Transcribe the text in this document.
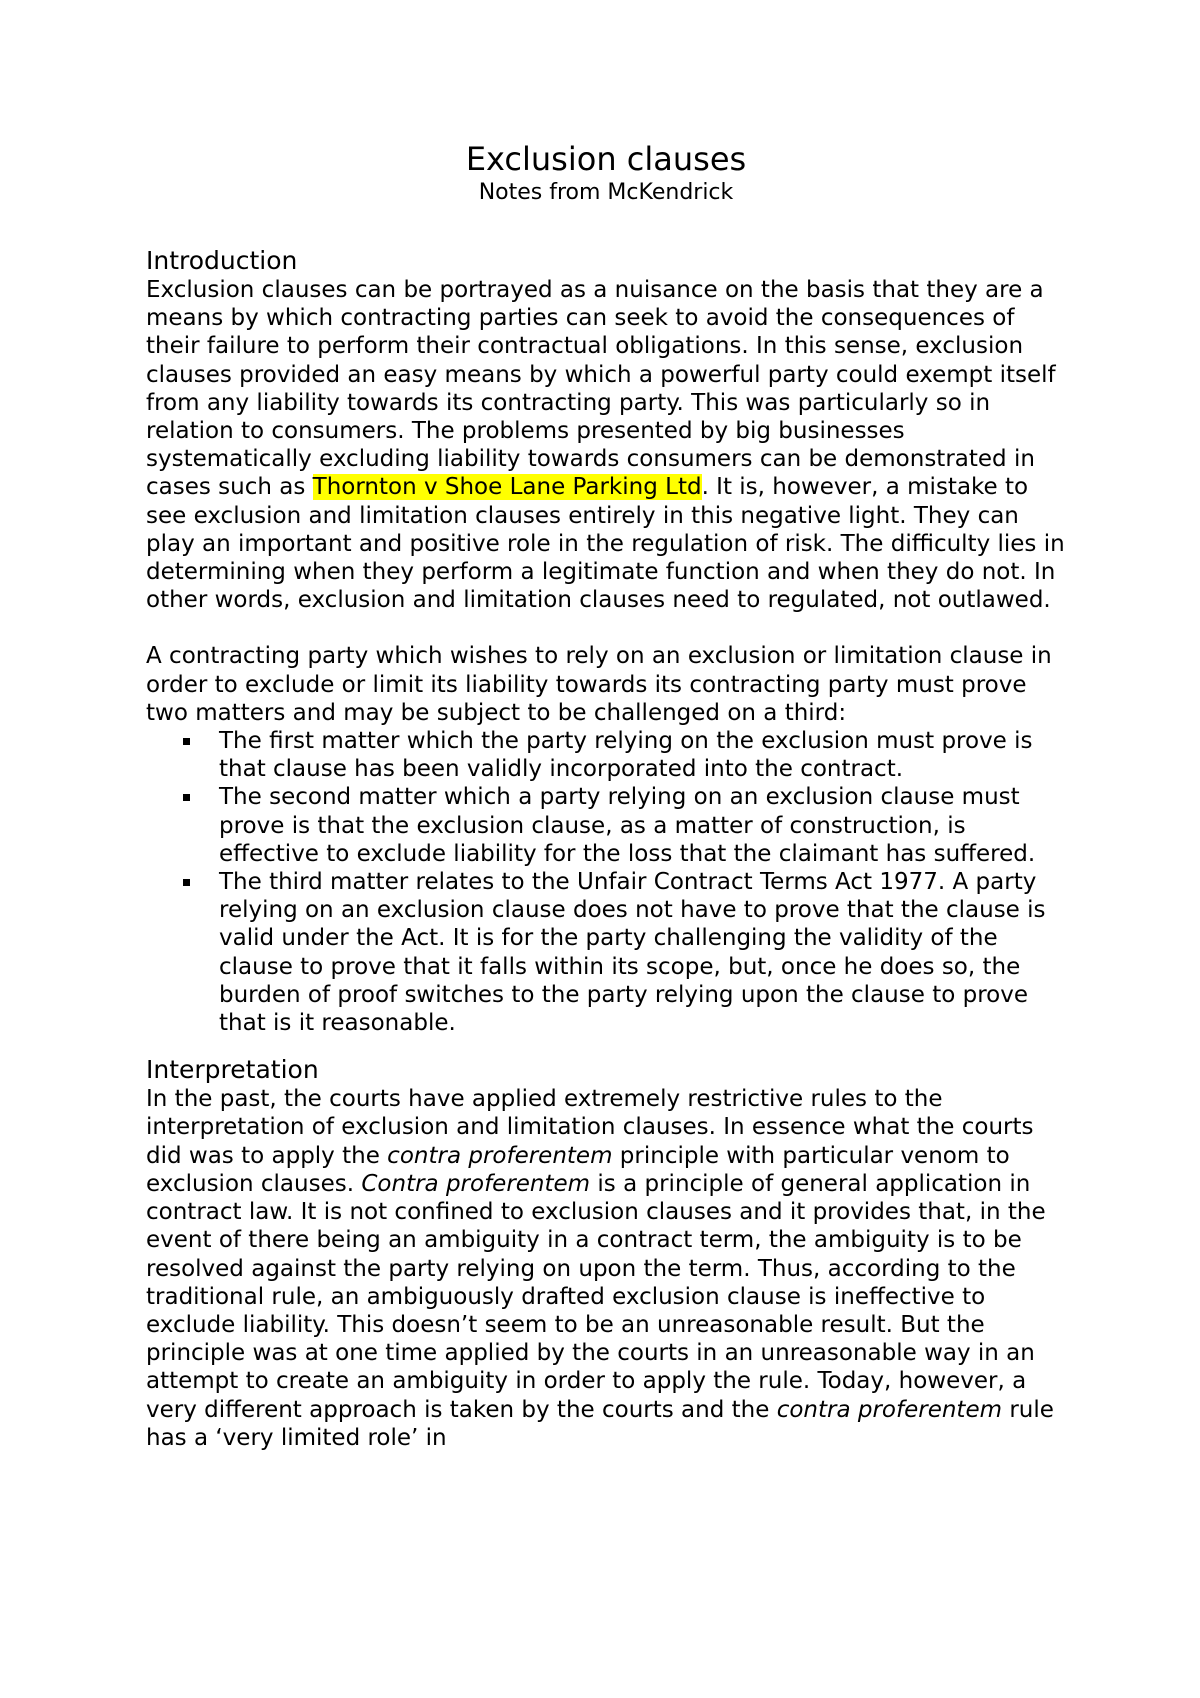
Exclusion clauses

Notes from McKendrick

Introduction

Exclusion clauses can be portrayed as a nuisance on the basis that they are a means by which contracting parties can seek to avoid the consequences of their failure to perform their contractual obligations. In this sense, exclusion clauses provided an easy means by which a powerful party could exempt itself from any liability towards its contracting party. This was particularly so in relation to consumers. The problems presented by big businesses systematically excluding liability towards consumers can be demonstrated in cases such as Thornton v Shoe Lane Parking Ltd. It is, however, a mistake to see exclusion and limitation clauses entirely in this negative light. They can play an important and positive role in the regulation of risk. The difficulty lies in determining when they perform a legitimate function and when they do not. In other words, exclusion and limitation clauses need to regulated, not outlawed.

A contracting party which wishes to rely on an exclusion or limitation clause in order to exclude or limit its liability towards its contracting party must prove two matters and may be subject to be challenged on a third:

The first matter which the party relying on the exclusion must prove is that clause has been validly incorporated into the contract.
The second matter which a party relying on an exclusion clause must prove is that the exclusion clause, as a matter of construction, is effective to exclude liability for the loss that the claimant has suffered.
The third matter relates to the Unfair Contract Terms Act 1977. A party relying on an exclusion clause does not have to prove that the clause is valid under the Act. It is for the party challenging the validity of the clause to prove that it falls within its scope, but, once he does so, the burden of proof switches to the party relying upon the clause to prove that is it reasonable.
Interpretation

In the past, the courts have applied extremely restrictive rules to the interpretation of exclusion and limitation clauses. In essence what the courts did was to apply the contra proferentem principle with particular venom to exclusion clauses. Contra proferentem is a principle of general application in contract law. It is not confined to exclusion clauses and it provides that, in the event of there being an ambiguity in a contract term, the ambiguity is to be resolved against the party relying on upon the term. Thus, according to the traditional rule, an ambiguously drafted exclusion clause is ineffective to exclude liability. This doesn’t seem to be an unreasonable result. But the principle was at one time applied by the courts in an unreasonable way in an attempt to create an ambiguity in order to apply the rule. Today, however, a very different approach is taken by the courts and the contra proferentem rule has a ‘very limited role’ in
